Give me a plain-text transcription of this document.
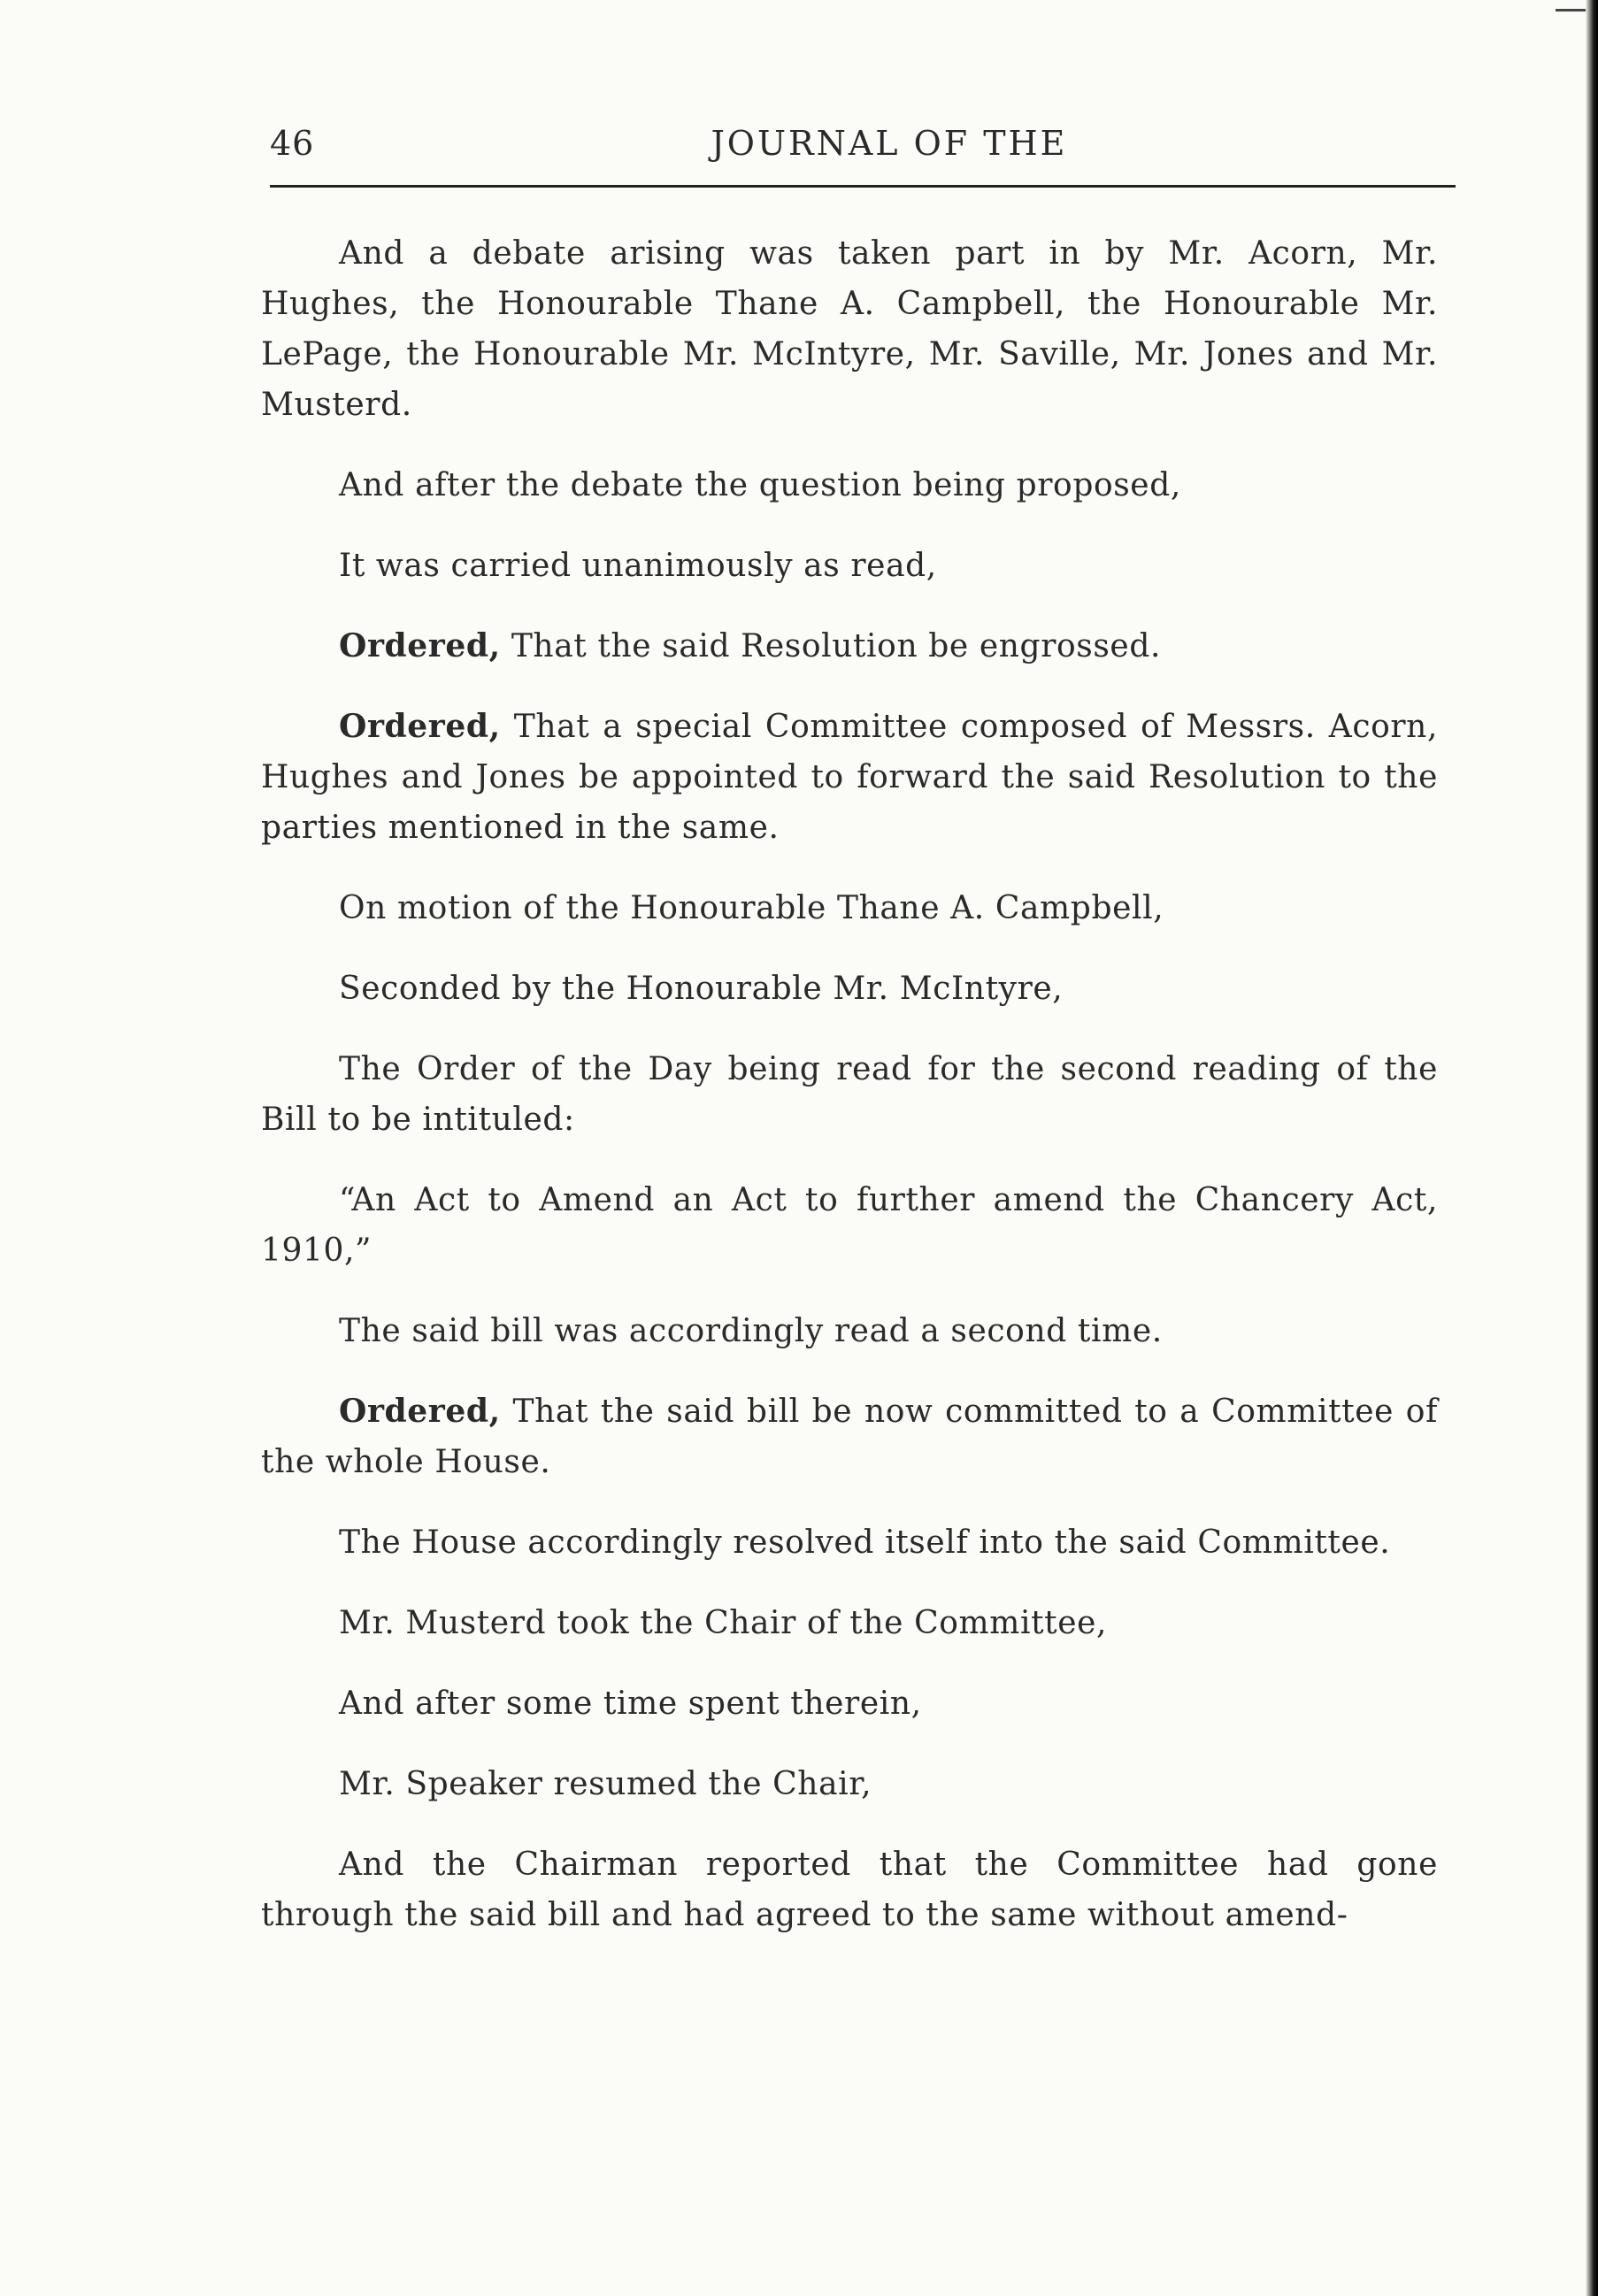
46	JOURNAL OF THE

And a debate arising was taken part in by Mr. Acorn, Mr. Hughes, the Honourable Thane A. Campbell, the Honourable Mr. LePage, the Honourable Mr. McIntyre, Mr. Saville, Mr. Jones and Mr. Musterd.

And after the debate the question being proposed,

It was carried unanimously as read,

Ordered, That the said Resolution be engrossed.

Ordered, That a special Committee composed of Messrs. Acorn, Hughes and Jones be appointed to forward the said Resolution to the parties mentioned in the same.

On motion of the Honourable Thane A. Campbell,

Seconded by the Honourable Mr. McIntyre,

The Order of the Day being read for the second reading of the Bill to be intituled:

“An Act to Amend an Act to further amend the Chancery Act, 1910,”

The said bill was accordingly read a second time.

Ordered, That the said bill be now committed to a Committee of the whole House.

The House accordingly resolved itself into the said Committee.

Mr. Musterd took the Chair of the Committee,

And after some time spent therein,

Mr. Speaker resumed the Chair,

And the Chairman reported that the Committee had gone through the said bill and had agreed to the same without amend-
